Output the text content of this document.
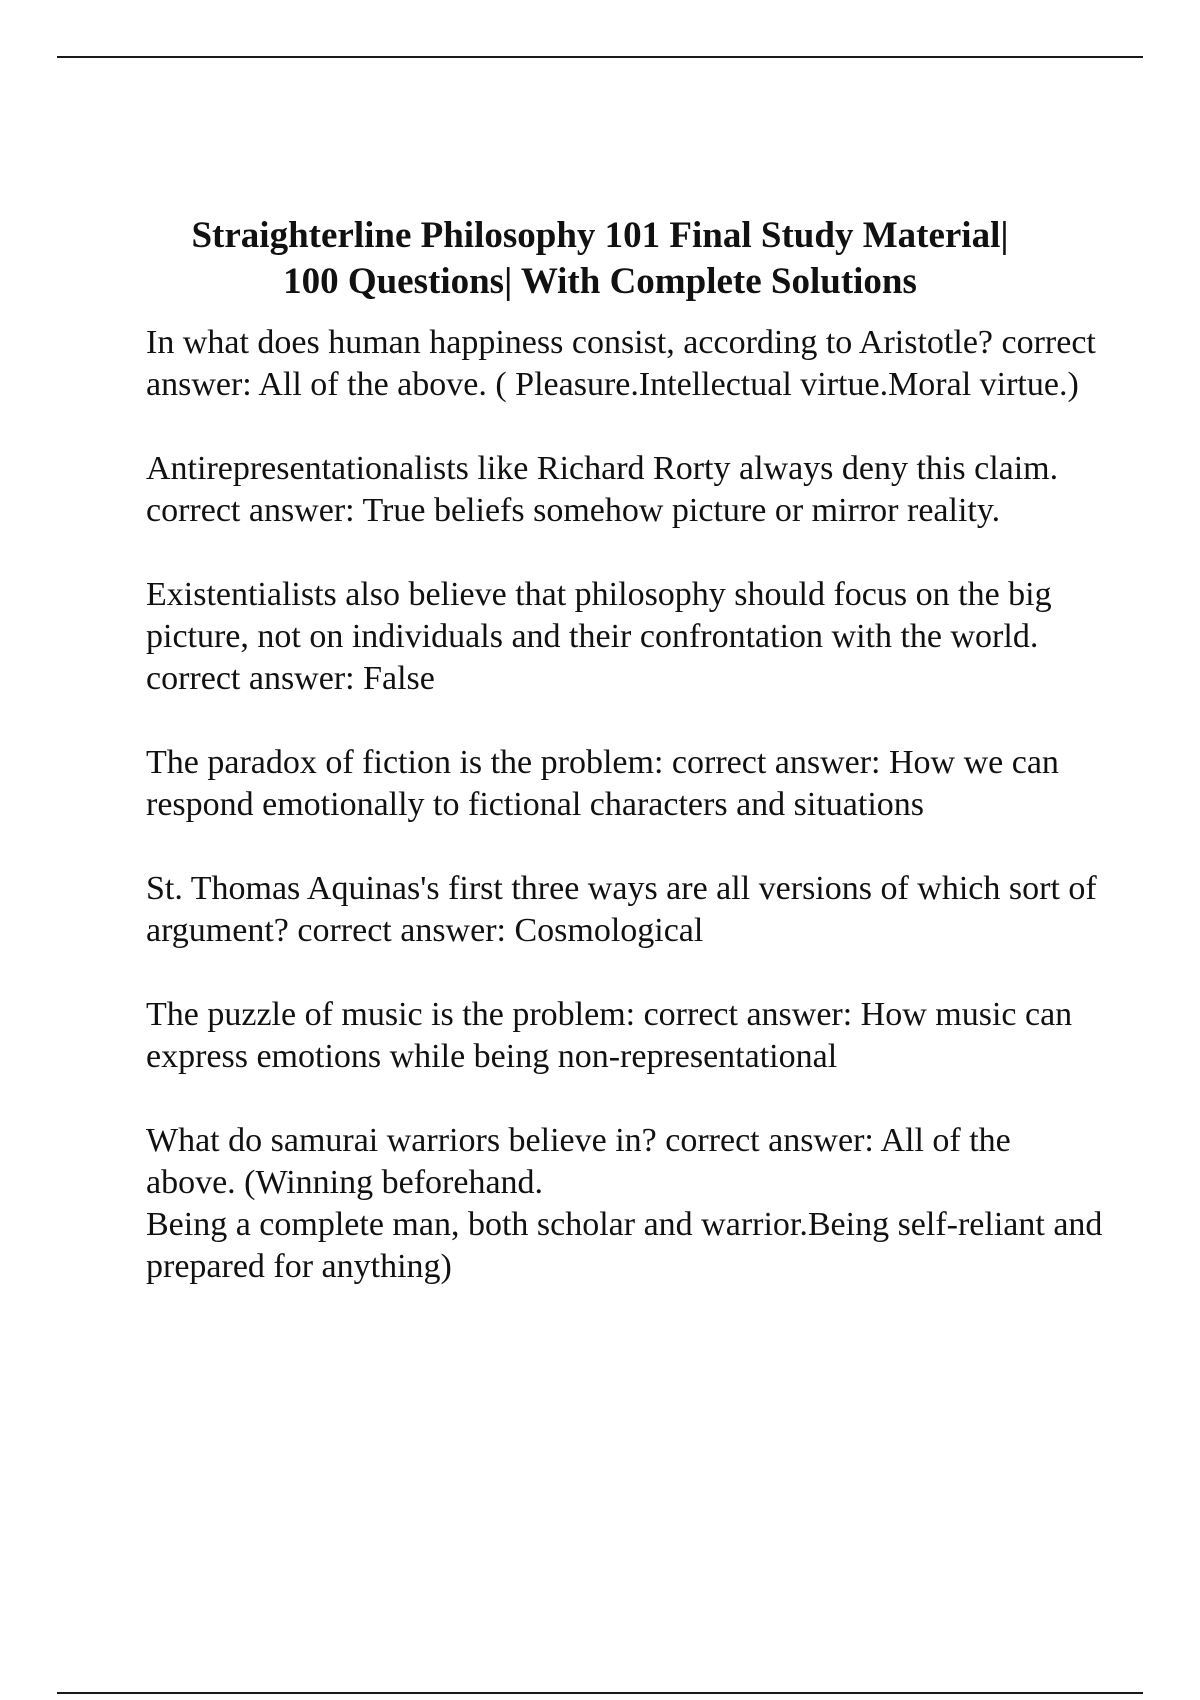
Straighterline Philosophy 101 Final Study Material|
100 Questions| With Complete Solutions

In what does human happiness consist, according to Aristotle? correct answer: All of the above. ( Pleasure.Intellectual virtue.Moral virtue.)

Antirepresentationalists like Richard Rorty always deny this claim. correct answer: True beliefs somehow picture or mirror reality.

Existentialists also believe that philosophy should focus on the big picture, not on individuals and their confrontation with the world. correct answer: False

The paradox of fiction is the problem: correct answer: How we can respond emotionally to fictional characters and situations

St. Thomas Aquinas's first three ways are all versions of which sort of argument? correct answer: Cosmological

The puzzle of music is the problem: correct answer: How music can express emotions while being non-representational

What do samurai warriors believe in? correct answer: All of the above. (Winning beforehand.

Being a complete man, both scholar and warrior.Being self-reliant and prepared for anything)
